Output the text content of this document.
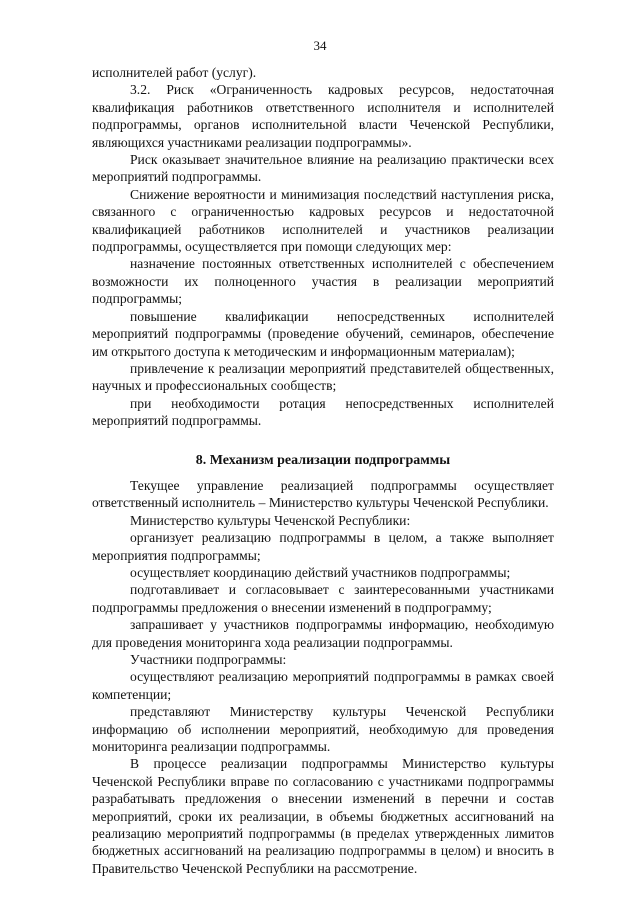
34

исполнителей работ (услуг).

3.2. Риск «Ограниченность кадровых ресурсов, недостаточная квалификация работников ответственного исполнителя и исполнителей подпрограммы, органов исполнительной власти Чеченской Республики, являющихся участниками реализации подпрограммы».

Риск оказывает значительное влияние на реализацию практически всех мероприятий подпрограммы.

Снижение вероятности и минимизация последствий наступления риска, связанного с ограниченностью кадровых ресурсов и недостаточной квалификацией работников исполнителей и участников реализации подпрограммы, осуществляется при помощи следующих мер:

назначение постоянных ответственных исполнителей с обеспечением возможности их полноценного участия в реализации мероприятий подпрограммы;

повышение квалификации непосредственных исполнителей мероприятий подпрограммы (проведение обучений, семинаров, обеспечение им открытого доступа к методическим и информационным материалам);

привлечение к реализации мероприятий представителей общественных, научных и профессиональных сообществ;

при необходимости ротация непосредственных исполнителей мероприятий подпрограммы.

8. Механизм реализации подпрограммы

Текущее управление реализацией подпрограммы осуществляет ответственный исполнитель – Министерство культуры Чеченской Республики.

Министерство культуры Чеченской Республики:

организует реализацию подпрограммы в целом, а также выполняет мероприятия подпрограммы;

осуществляет координацию действий участников подпрограммы;

подготавливает и согласовывает с заинтересованными участниками подпрограммы предложения о внесении изменений в подпрограмму;

запрашивает у участников подпрограммы информацию, необходимую для проведения мониторинга хода реализации подпрограммы.

Участники подпрограммы:

осуществляют реализацию мероприятий подпрограммы в рамках своей компетенции;

представляют Министерству культуры Чеченской Республики информацию об исполнении мероприятий, необходимую для проведения мониторинга реализации подпрограммы.

В процессе реализации подпрограммы Министерство культуры Чеченской Республики вправе по согласованию с участниками подпрограммы разрабатывать предложения о внесении изменений в перечни и состав мероприятий, сроки их реализации, в объемы бюджетных ассигнований на реализацию мероприятий подпрограммы (в пределах утвержденных лимитов бюджетных ассигнований на реализацию подпрограммы в целом) и вносить в Правительство Чеченской Республики на рассмотрение.
